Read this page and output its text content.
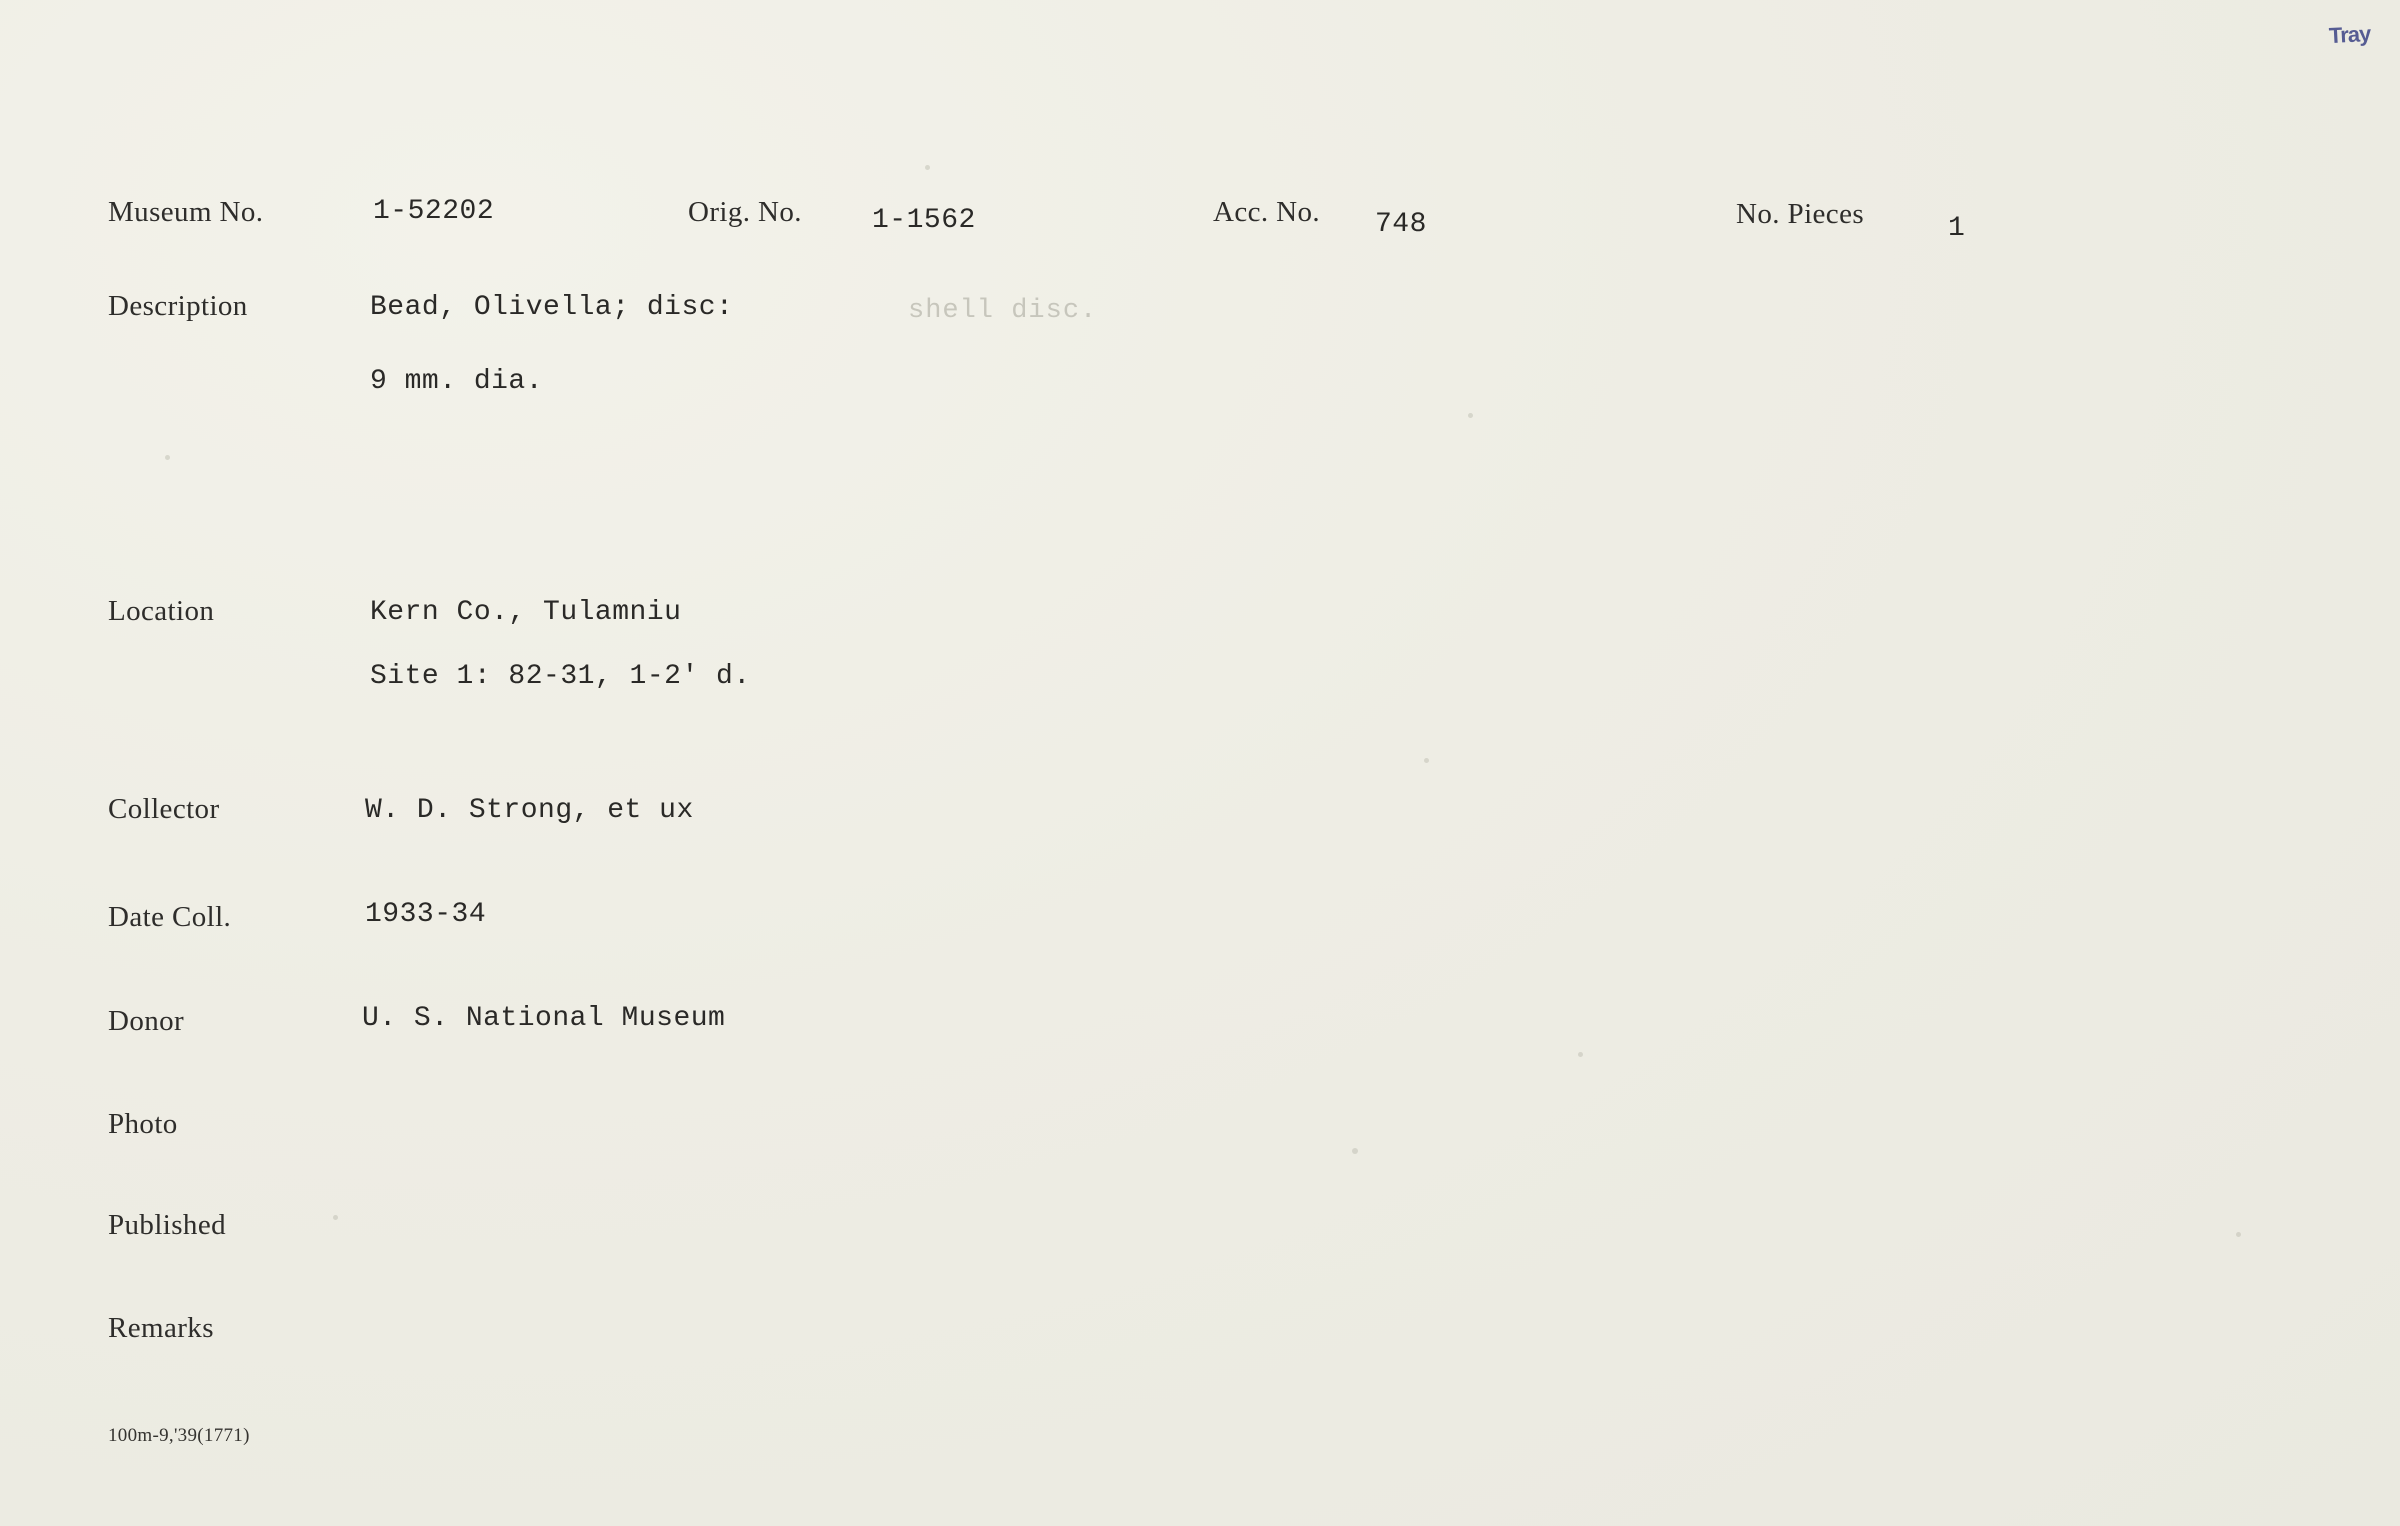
Tray
Museum No.	1-52202	Orig. No.	1-1562	Acc. No. 748	No. Pieces	1
Description	Bead, Olivella; disc:	shell disc.
9 mm. dia.
Location	Kern Co., Tulamniu
Site 1: 82-31, 1-2' d.
Collector	W. D. Strong, et ux
Date Coll.	1933-34
Donor	U. S. National Museum
Photo
Published
Remarks
100m-9,'39(1771)
